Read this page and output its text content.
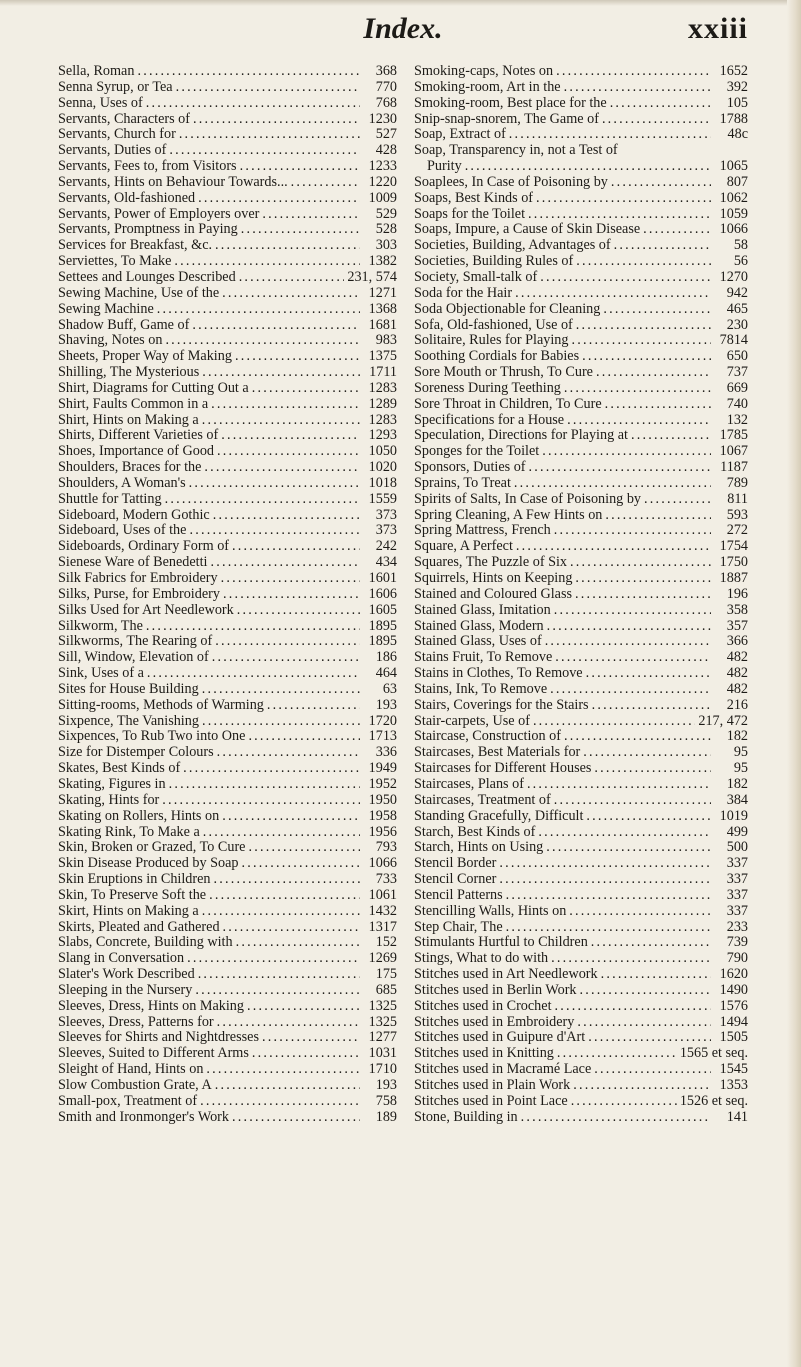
Index.	xxiii
Sella, Roman .....	368
Senna Syrup, or Tea .....	770
Senna, Uses of .....	768
Servants, Characters of .....	1230
Servants, Church for .....	527
Servants, Duties of .....	428
Servants, Fees to, from Visitors .....	1233
Servants, Hints on Behaviour Towards... .....	1220
Servants, Old-fashioned .....	1009
Servants, Power of Employers over .....	529
Servants, Promptness in Paying .....	528
Services for Breakfast, &c. .....	303
Serviettes, To Make .....	1382
Settees and Lounges Described .....	231, 574
Sewing Machine, Use of the .....	1271
Sewing Machine .....	1368
Shadow Buff, Game of .....	1681
Shaving, Notes on .....	983
Sheets, Proper Way of Making .....	1375
Shilling, The Mysterious .....	1711
Shirt, Diagrams for Cutting Out a .....	1283
Shirt, Faults Common in a .....	1289
Shirt, Hints on Making a .....	1283
Shirts, Different Varieties of .....	1293
Shoes, Importance of Good .....	1050
Shoulders, Braces for the .....	1020
Shoulders, A Woman's .....	1018
Shuttle for Tatting .....	1559
Sideboard, Modern Gothic .....	373
Sideboard, Uses of the .....	373
Sideboards, Ordinary Form of .....	242
Sienese Ware of Benedetti .....	434
Silk Fabrics for Embroidery .....	1601
Silks, Purse, for Embroidery .....	1606
Silks Used for Art Needlework .....	1605
Silkworm, The .....	1895
Silkworms, The Rearing of .....	1895
Sill, Window, Elevation of .....	186
Sink, Uses of a .....	464
Sites for House Building .....	63
Sitting-rooms, Methods of Warming .....	193
Sixpence, The Vanishing .....	1720
Sixpences, To Rub Two into One .....	1713
Size for Distemper Colours .....	336
Skates, Best Kinds of .....	1949
Skating, Figures in .....	1952
Skating, Hints for .....	1950
Skating on Rollers, Hints on .....	1958
Skating Rink, To Make a .....	1956
Skin, Broken or Grazed, To Cure .....	793
Skin Disease Produced by Soap .....	1066
Skin Eruptions in Children .....	733
Skin, To Preserve Soft the .....	1061
Skirt, Hints on Making a .....	1432
Skirts, Pleated and Gathered .....	1317
Slabs, Concrete, Building with .....	152
Slang in Conversation .....	1269
Slater's Work Described .....	175
Sleeping in the Nursery .....	685
Sleeves, Dress, Hints on Making .....	1325
Sleeves, Dress, Patterns for .....	1325
Sleeves for Shirts and Nightdresses .....	1277
Sleeves, Suited to Different Arms .....	1031
Sleight of Hand, Hints on .....	1710
Slow Combustion Grate, A .....	193
Small-pox, Treatment of .....	758
Smith and Ironmonger's Work .....	189
Smoking-caps, Notes on .....	1652
Smoking-room, Art in the .....	392
Smoking-room, Best place for the .....	105
Snip-snap-snorem, The Game of .....	1788
Soap, Extract of .....	48c
Soap, Transparency in, not a Test of
Purity .....	1065
Soaplees, In Case of Poisoning by .....	807
Soaps, Best Kinds of .....	1062
Soaps for the Toilet .....	1059
Soaps, Impure, a Cause of Skin Disease .....	1066
Societies, Building, Advantages of .....	58
Societies, Building Rules of .....	56
Society, Small-talk of .....	1270
Soda for the Hair .....	942
Soda Objectionable for Cleaning .....	465
Sofa, Old-fashioned, Use of .....	230
Solitaire, Rules for Playing .....	7814
Soothing Cordials for Babies .....	650
Sore Mouth or Thrush, To Cure .....	737
Soreness During Teething .....	669
Sore Throat in Children, To Cure .....	740
Specifications for a House .....	132
Speculation, Directions for Playing at .....	1785
Sponges for the Toilet .....	1067
Sponsors, Duties of .....	1187
Sprains, To Treat .....	789
Spirits of Salts, In Case of Poisoning by .....	811
Spring Cleaning, A Few Hints on .....	593
Spring Mattress, French .....	272
Square, A Perfect .....	1754
Squares, The Puzzle of Six .....	1750
Squirrels, Hints on Keeping .....	1887
Stained and Coloured Glass .....	196
Stained Glass, Imitation .....	358
Stained Glass, Modern .....	357
Stained Glass, Uses of .....	366
Stains Fruit, To Remove .....	482
Stains in Clothes, To Remove .....	482
Stains, Ink, To Remove .....	482
Stairs, Coverings for the Stairs .....	216
Stair-carpets, Use of .....	217, 472
Staircase, Construction of .....	182
Staircases, Best Materials for .....	95
Staircases for Different Houses .....	95
Staircases, Plans of .....	182
Staircases, Treatment of .....	384
Standing Gracefully, Difficult .....	1019
Starch, Best Kinds of .....	499
Starch, Hints on Using .....	500
Stencil Border .....	337
Stencil Corner .....	337
Stencil Patterns .....	337
Stencilling Walls, Hints on .....	337
Step Chair, The .....	233
Stimulants Hurtful to Children .....	739
Stings, What to do with .....	790
Stitches used in Art Needlework .....	1620
Stitches used in Berlin Work .....	1490
Stitches used in Crochet .....	1576
Stitches used in Embroidery .....	1494
Stitches used in Guipure d'Art .....	1505
Stitches used in Knitting .....	1565 et seq.
Stitches used in Macramé Lace .....	1545
Stitches used in Plain Work .....	1353
Stitches used in Point Lace .....	1526 et seq.
Stone, Building in .....	141
